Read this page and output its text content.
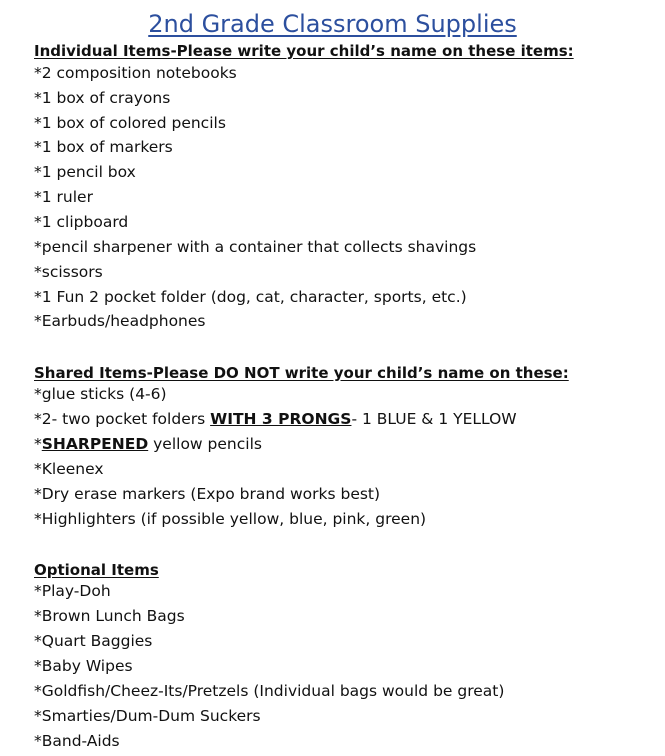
2nd Grade Classroom Supplies
Individual Items-Please write your child’s name on these items:
*2 composition notebooks
*1 box of crayons
*1 box of colored pencils
*1 box of markers
*1 pencil box
*1 ruler
*1 clipboard
*pencil sharpener with a container that collects shavings
*scissors
*1 Fun 2 pocket folder (dog, cat, character, sports, etc.)
*Earbuds/headphones
Shared Items-Please DO NOT write your child’s name on these:
*glue sticks (4-6)
*2- two pocket folders WITH 3 PRONGS- 1 BLUE & 1 YELLOW
*SHARPENED yellow pencils
*Kleenex
*Dry erase markers (Expo brand works best)
*Highlighters (if possible yellow, blue, pink, green)
Optional Items
*Play-Doh
*Brown Lunch Bags
*Quart Baggies
*Baby Wipes
*Goldfish/Cheez-Its/Pretzels (Individual bags would be great)
*Smarties/Dum-Dum Suckers
*Band-Aids
